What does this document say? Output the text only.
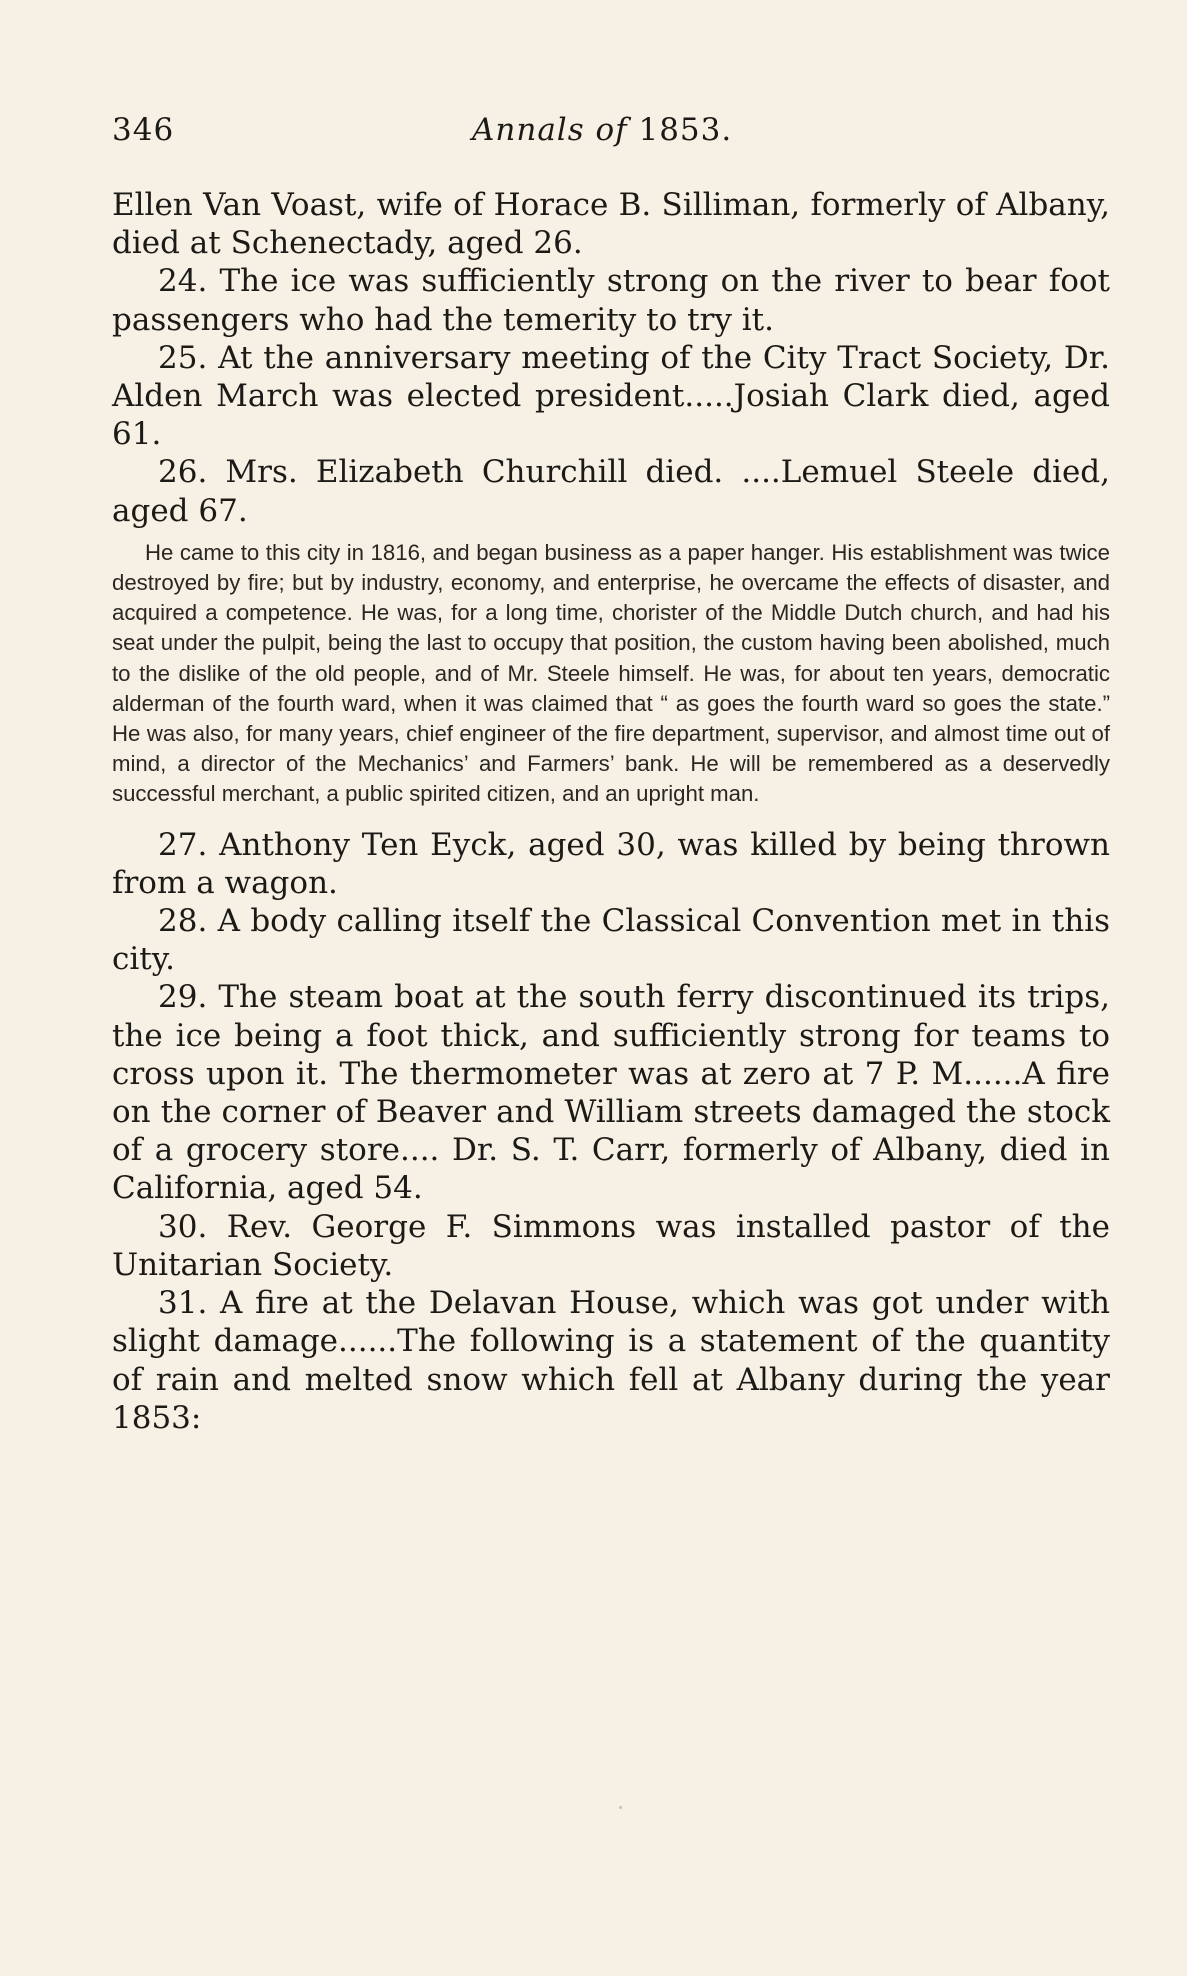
346	Annals of 1853.

Ellen Van Voast, wife of Horace B. Silliman, formerly of Albany, died at Schenectady, aged 26.

24. The ice was sufficiently strong on the river to bear foot passengers who had the temerity to try it.

25. At the anniversary meeting of the City Tract Society, Dr. Alden March was elected president.....Josiah Clark died, aged 61.

26. Mrs. Elizabeth Churchill died. ....Lemuel Steele died, aged 67.

He came to this city in 1816, and began business as a paper hanger. His establishment was twice destroyed by fire; but by industry, economy, and enterprise, he overcame the effects of disaster, and acquired a competence. He was, for a long time, chorister of the Middle Dutch church, and had his seat under the pulpit, being the last to occupy that position, the custom having been abolished, much to the dislike of the old people, and of Mr. Steele himself. He was, for about ten years, democratic alderman of the fourth ward, when it was claimed that “ as goes the fourth ward so goes the state.” He was also, for many years, chief engineer of the fire department, supervisor, and almost time out of mind, a director of the Mechanics’ and Farmers’ bank. He will be remembered as a deservedly successful merchant, a public spirited citizen, and an upright man.

27. Anthony Ten Eyck, aged 30, was killed by being thrown from a wagon.

28. A body calling itself the Classical Convention met in this city.

29. The steam boat at the south ferry discontinued its trips, the ice being a foot thick, and sufficiently strong for teams to cross upon it. The thermometer was at zero at 7 P. M......A fire on the corner of Beaver and William streets damaged the stock of a grocery store.... Dr. S. T. Carr, formerly of Albany, died in California, aged 54.

30. Rev. George F. Simmons was installed pastor of the Unitarian Society.

31. A fire at the Delavan House, which was got under with slight damage......The following is a statement of the quantity of rain and melted snow which fell at Albany during the year 1853:
